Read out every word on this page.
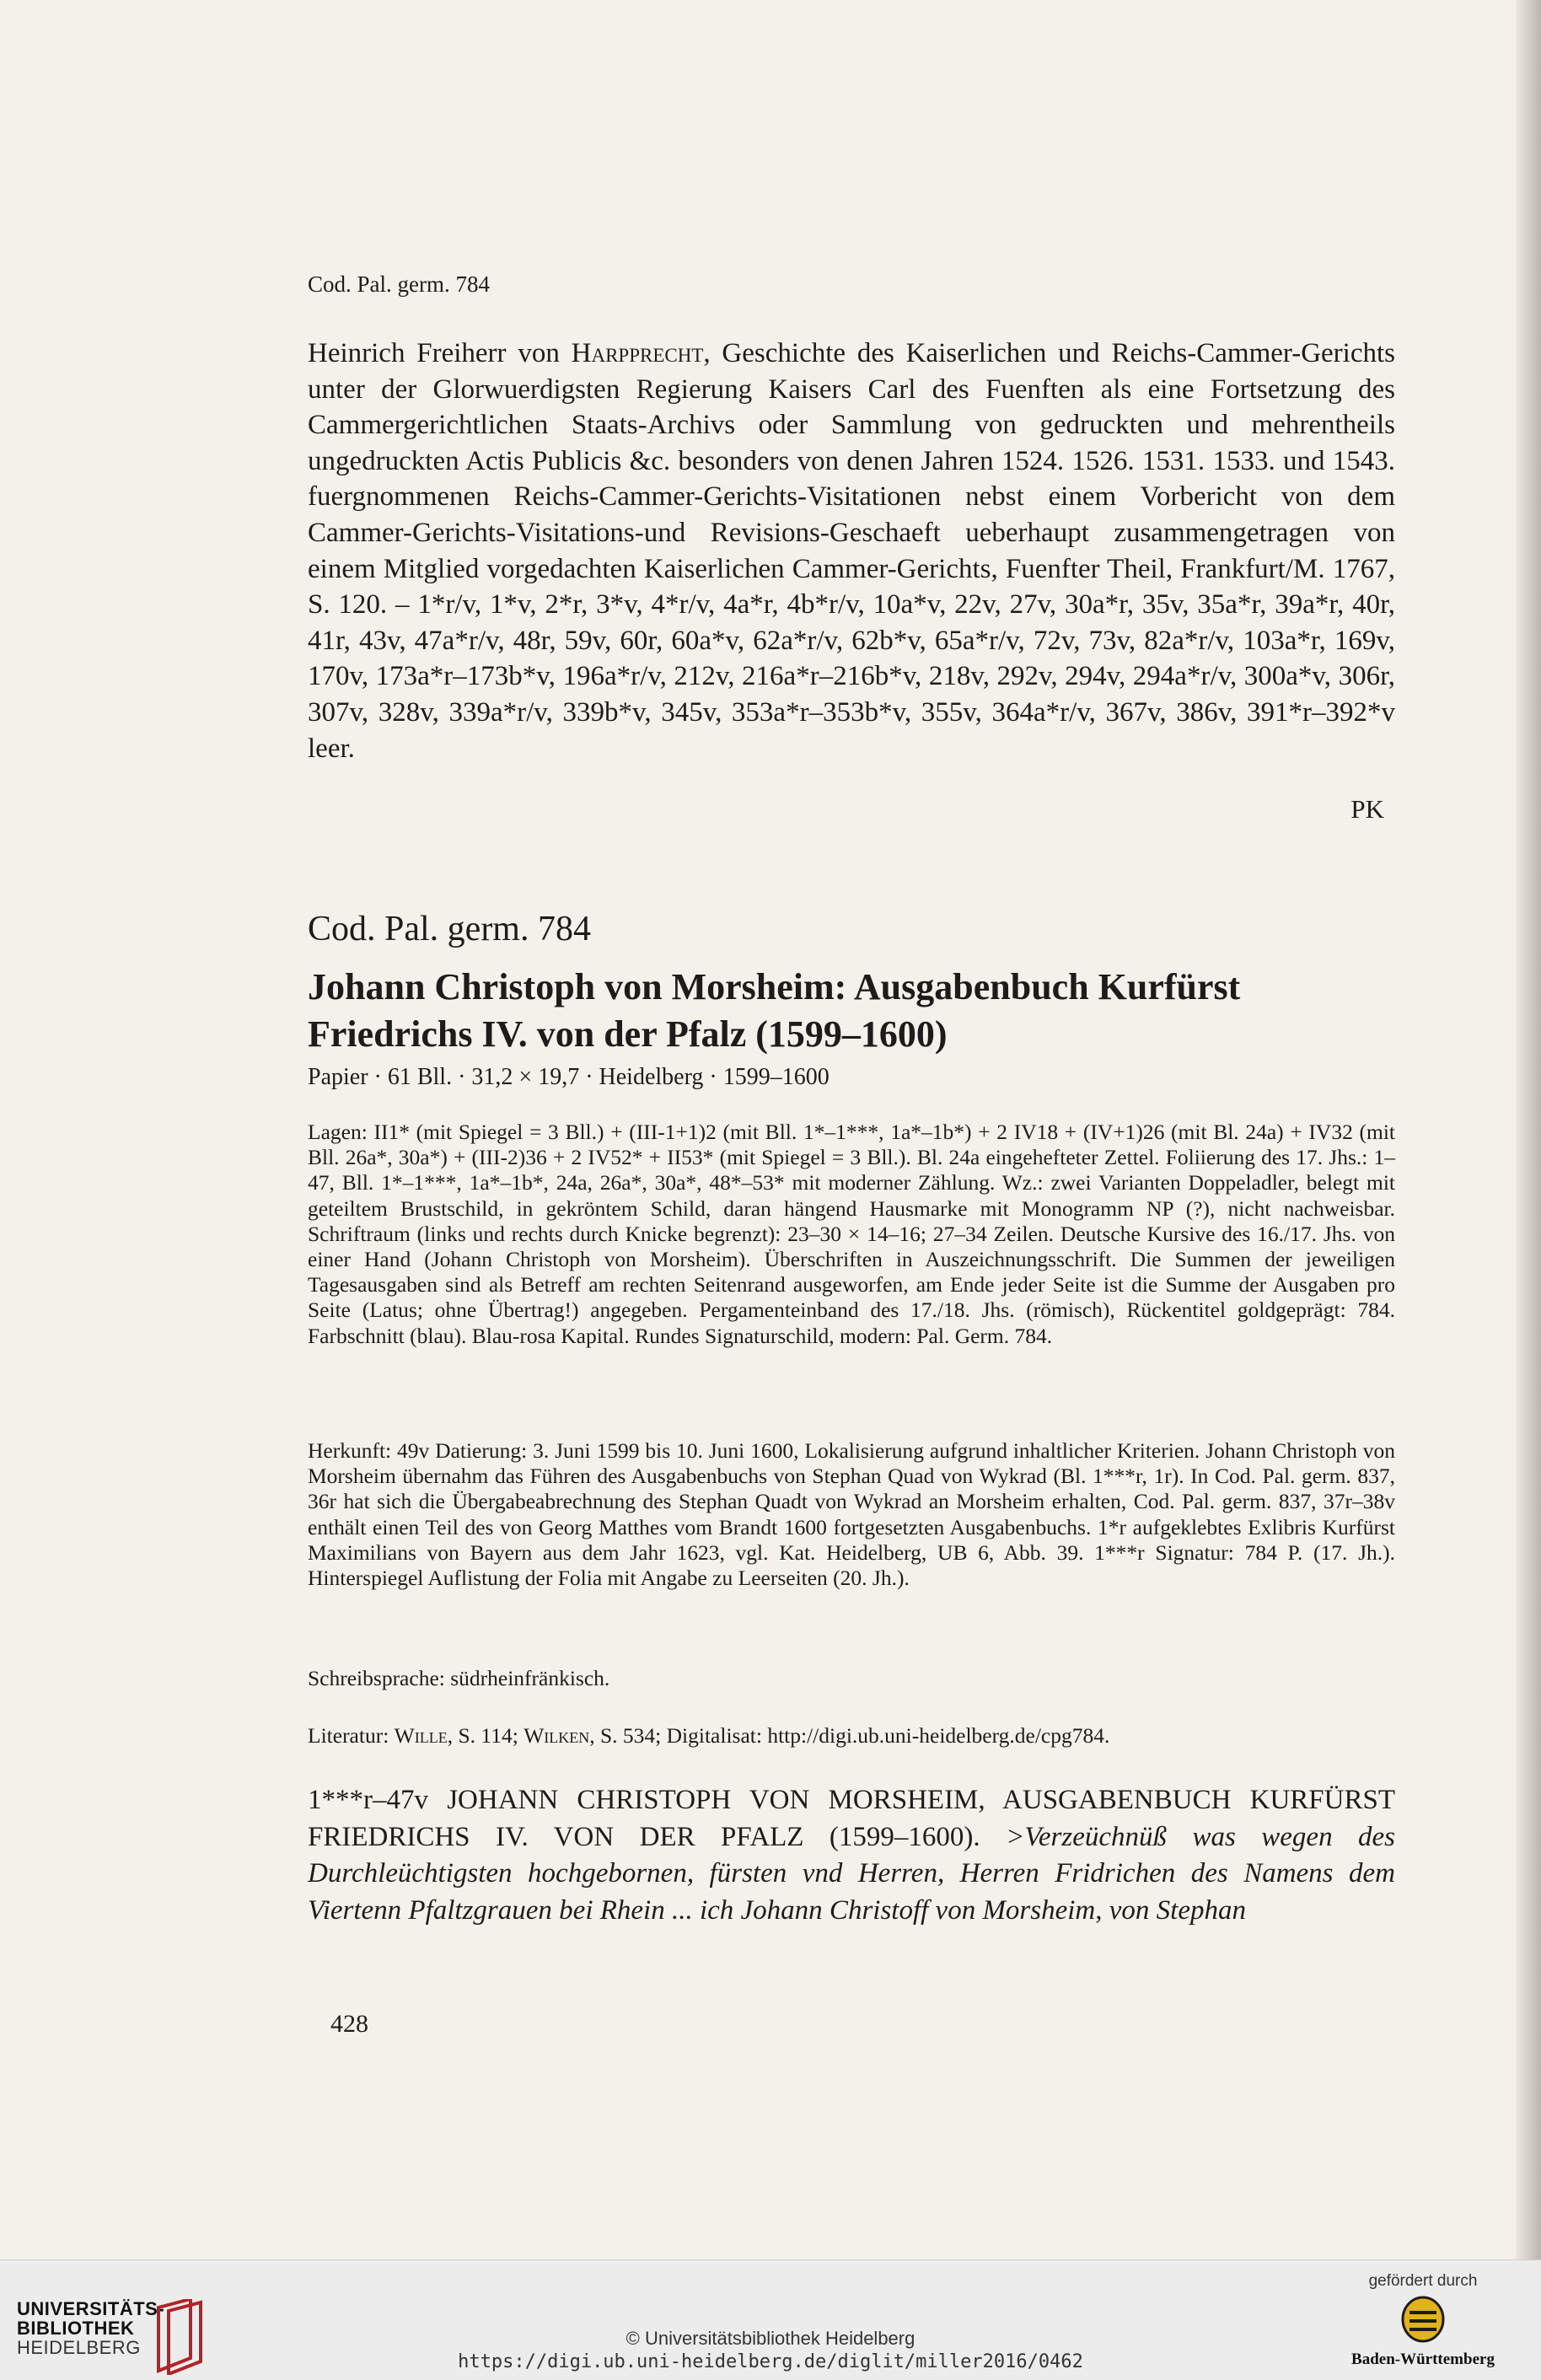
Cod. Pal. germ. 784
Heinrich Freiherr von Harpprecht, Geschichte des Kaiserlichen und Reichs-Cammer-Gerichts unter der Glorwuerdigsten Regierung Kaisers Carl des Fuenften als eine Fortsetzung des Cammergerichtlichen Staats-Archivs oder Sammlung von gedruckten und mehrentheils ungedruckten Actis Publicis &c. besonders von denen Jahren 1524. 1526. 1531. 1533. und 1543. fuergnommenen Reichs-Cammer-Gerichts-Visitationen nebst einem Vorbericht von dem Cammer-Gerichts-Visitations-und Revisions-Geschaeft ueberhaupt zusammengetragen von einem Mitglied vorgedachten Kaiserlichen Cammer-Gerichts, Fuenfter Theil, Frankfurt/M. 1767, S. 120. – 1*r/v, 1*v, 2*r, 3*v, 4*r/v, 4a*r, 4b*r/v, 10a*v, 22v, 27v, 30a*r, 35v, 35a*r, 39a*r, 40r, 41r, 43v, 47a*r/v, 48r, 59v, 60r, 60a*v, 62a*r/v, 62b*v, 65a*r/v, 72v, 73v, 82a*r/v, 103a*r, 169v, 170v, 173a*r–173b*v, 196a*r/v, 212v, 216a*r–216b*v, 218v, 292v, 294v, 294a*r/v, 300a*v, 306r, 307v, 328v, 339a*r/v, 339b*v, 345v, 353a*r–353b*v, 355v, 364a*r/v, 367v, 386v, 391*r–392*v leer.
PK
Cod. Pal. germ. 784
Johann Christoph von Morsheim: Ausgabenbuch Kurfürst Friedrichs IV. von der Pfalz (1599–1600)
Papier · 61 Bll. · 31,2 × 19,7 · Heidelberg · 1599–1600
Lagen: II1* (mit Spiegel = 3 Bll.) + (III-1+1)2 (mit Bll. 1*–1***, 1a*–1b*) + 2 IV18 + (IV+1)26 (mit Bl. 24a) + IV32 (mit Bll. 26a*, 30a*) + (III-2)36 + 2 IV52* + II53* (mit Spiegel = 3 Bll.). Bl. 24a eingehefteter Zettel. Foliierung des 17. Jhs.: 1–47, Bll. 1*–1***, 1a*–1b*, 24a, 26a*, 30a*, 48*–53* mit moderner Zählung. Wz.: zwei Varianten Doppeladler, belegt mit geteiltem Brustschild, in gekröntem Schild, daran hängend Hausmarke mit Monogramm NP (?), nicht nachweisbar. Schriftraum (links und rechts durch Knicke begrenzt): 23–30 × 14–16; 27–34 Zeilen. Deutsche Kursive des 16./17. Jhs. von einer Hand (Johann Christoph von Morsheim). Überschriften in Auszeichnungsschrift. Die Summen der jeweiligen Tagesausgaben sind als Betreff am rechten Seitenrand ausgeworfen, am Ende jeder Seite ist die Summe der Ausgaben pro Seite (Latus; ohne Übertrag!) angegeben. Pergamenteinband des 17./18. Jhs. (römisch), Rückentitel goldgeprägt: 784. Farbschnitt (blau). Blau-rosa Kapital. Rundes Signaturschild, modern: Pal. Germ. 784.
Herkunft: 49v Datierung: 3. Juni 1599 bis 10. Juni 1600, Lokalisierung aufgrund inhaltlicher Kriterien. Johann Christoph von Morsheim übernahm das Führen des Ausgabenbuchs von Stephan Quad von Wykrad (Bl. 1***r, 1r). In Cod. Pal. germ. 837, 36r hat sich die Übergabeabrechnung des Stephan Quadt von Wykrad an Morsheim erhalten, Cod. Pal. germ. 837, 37r–38v enthält einen Teil des von Georg Matthes vom Brandt 1600 fortgesetzten Ausgabenbuchs. 1*r aufgeklebtes Exlibris Kurfürst Maximilians von Bayern aus dem Jahr 1623, vgl. Kat. Heidelberg, UB 6, Abb. 39. 1***r Signatur: 784 P. (17. Jh.). Hinterspiegel Auflistung der Folia mit Angabe zu Leerseiten (20. Jh.).
Schreibsprache: südrheinfränkisch.
Literatur: Wille, S. 114; Wilken, S. 534; Digitalisat: http://digi.ub.uni-heidelberg.de/cpg784.
1***r–47v JOHANN CHRISTOPH VON MORSHEIM, AUSGABENBUCH KURFÜRST FRIEDRICHS IV. VON DER PFALZ (1599–1600). >Verzeüchnüß was wegen des Durchleüchtigsten hochgebornen, fürsten vnd Herren, Herren Fridrichen des Namens dem Viertenn Pfaltzgrauen bei Rhein ... ich Johann Christoff von Morsheim, von Stephan
428
UNIVERSITÄTS-
BIBLIOTHEK
HEIDELBERG	© Universitätsbibliothek Heidelberg
https://digi.ub.uni-heidelberg.de/diglit/miller2016/0462
gefördert durch
Baden-Württemberg
